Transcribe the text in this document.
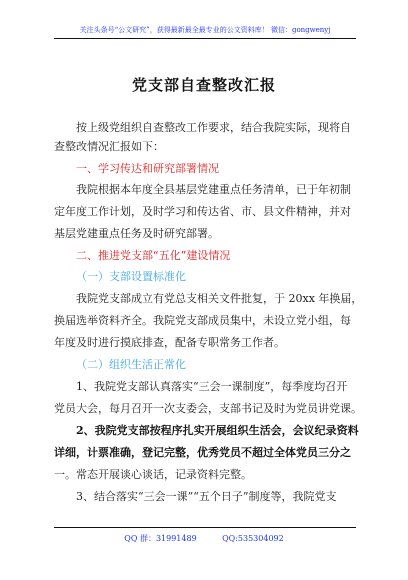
关注头条号“公文研究”，获得最新最全最专业的公文资料库！ 微信：gongwenyj
党支部自查整改汇报
按上级党组织自查整改工作要求，结合我院实际，现将自
查整改情况汇报如下：
一、学习传达和研究部署情况
我院根据本年度全县基层党建重点任务清单，已于年初制
定年度工作计划，及时学习和传达省、市、县文件精神，并对
基层党建重点任务及时研究部署。
二、推进党支部“五化”建设情况
（一）支部设置标准化
我院党支部成立有党总支相关文件批复，于 20xx 年换届，
换届选举资料齐全。我院党支部成员集中，未设立党小组，每
年度及时进行摸底排查，配备专职常务工作者。
（二）组织生活正常化
1、我院党支部认真落实“三会一课制度”，每季度均召开
党员大会，每月召开一次支委会，支部书记及时为党员讲党课。
2、我院党支部按程序扎实开展组织生活会，会议纪录资料
详细，计票准确，登记完整，优秀党员不超过全体党员三分之
一。常态开展谈心谈话，记录资料完整。
3、结合落实“三会一课”“五个日子”制度等，我院党支
QQ 群：31991489          QQ:535304092
